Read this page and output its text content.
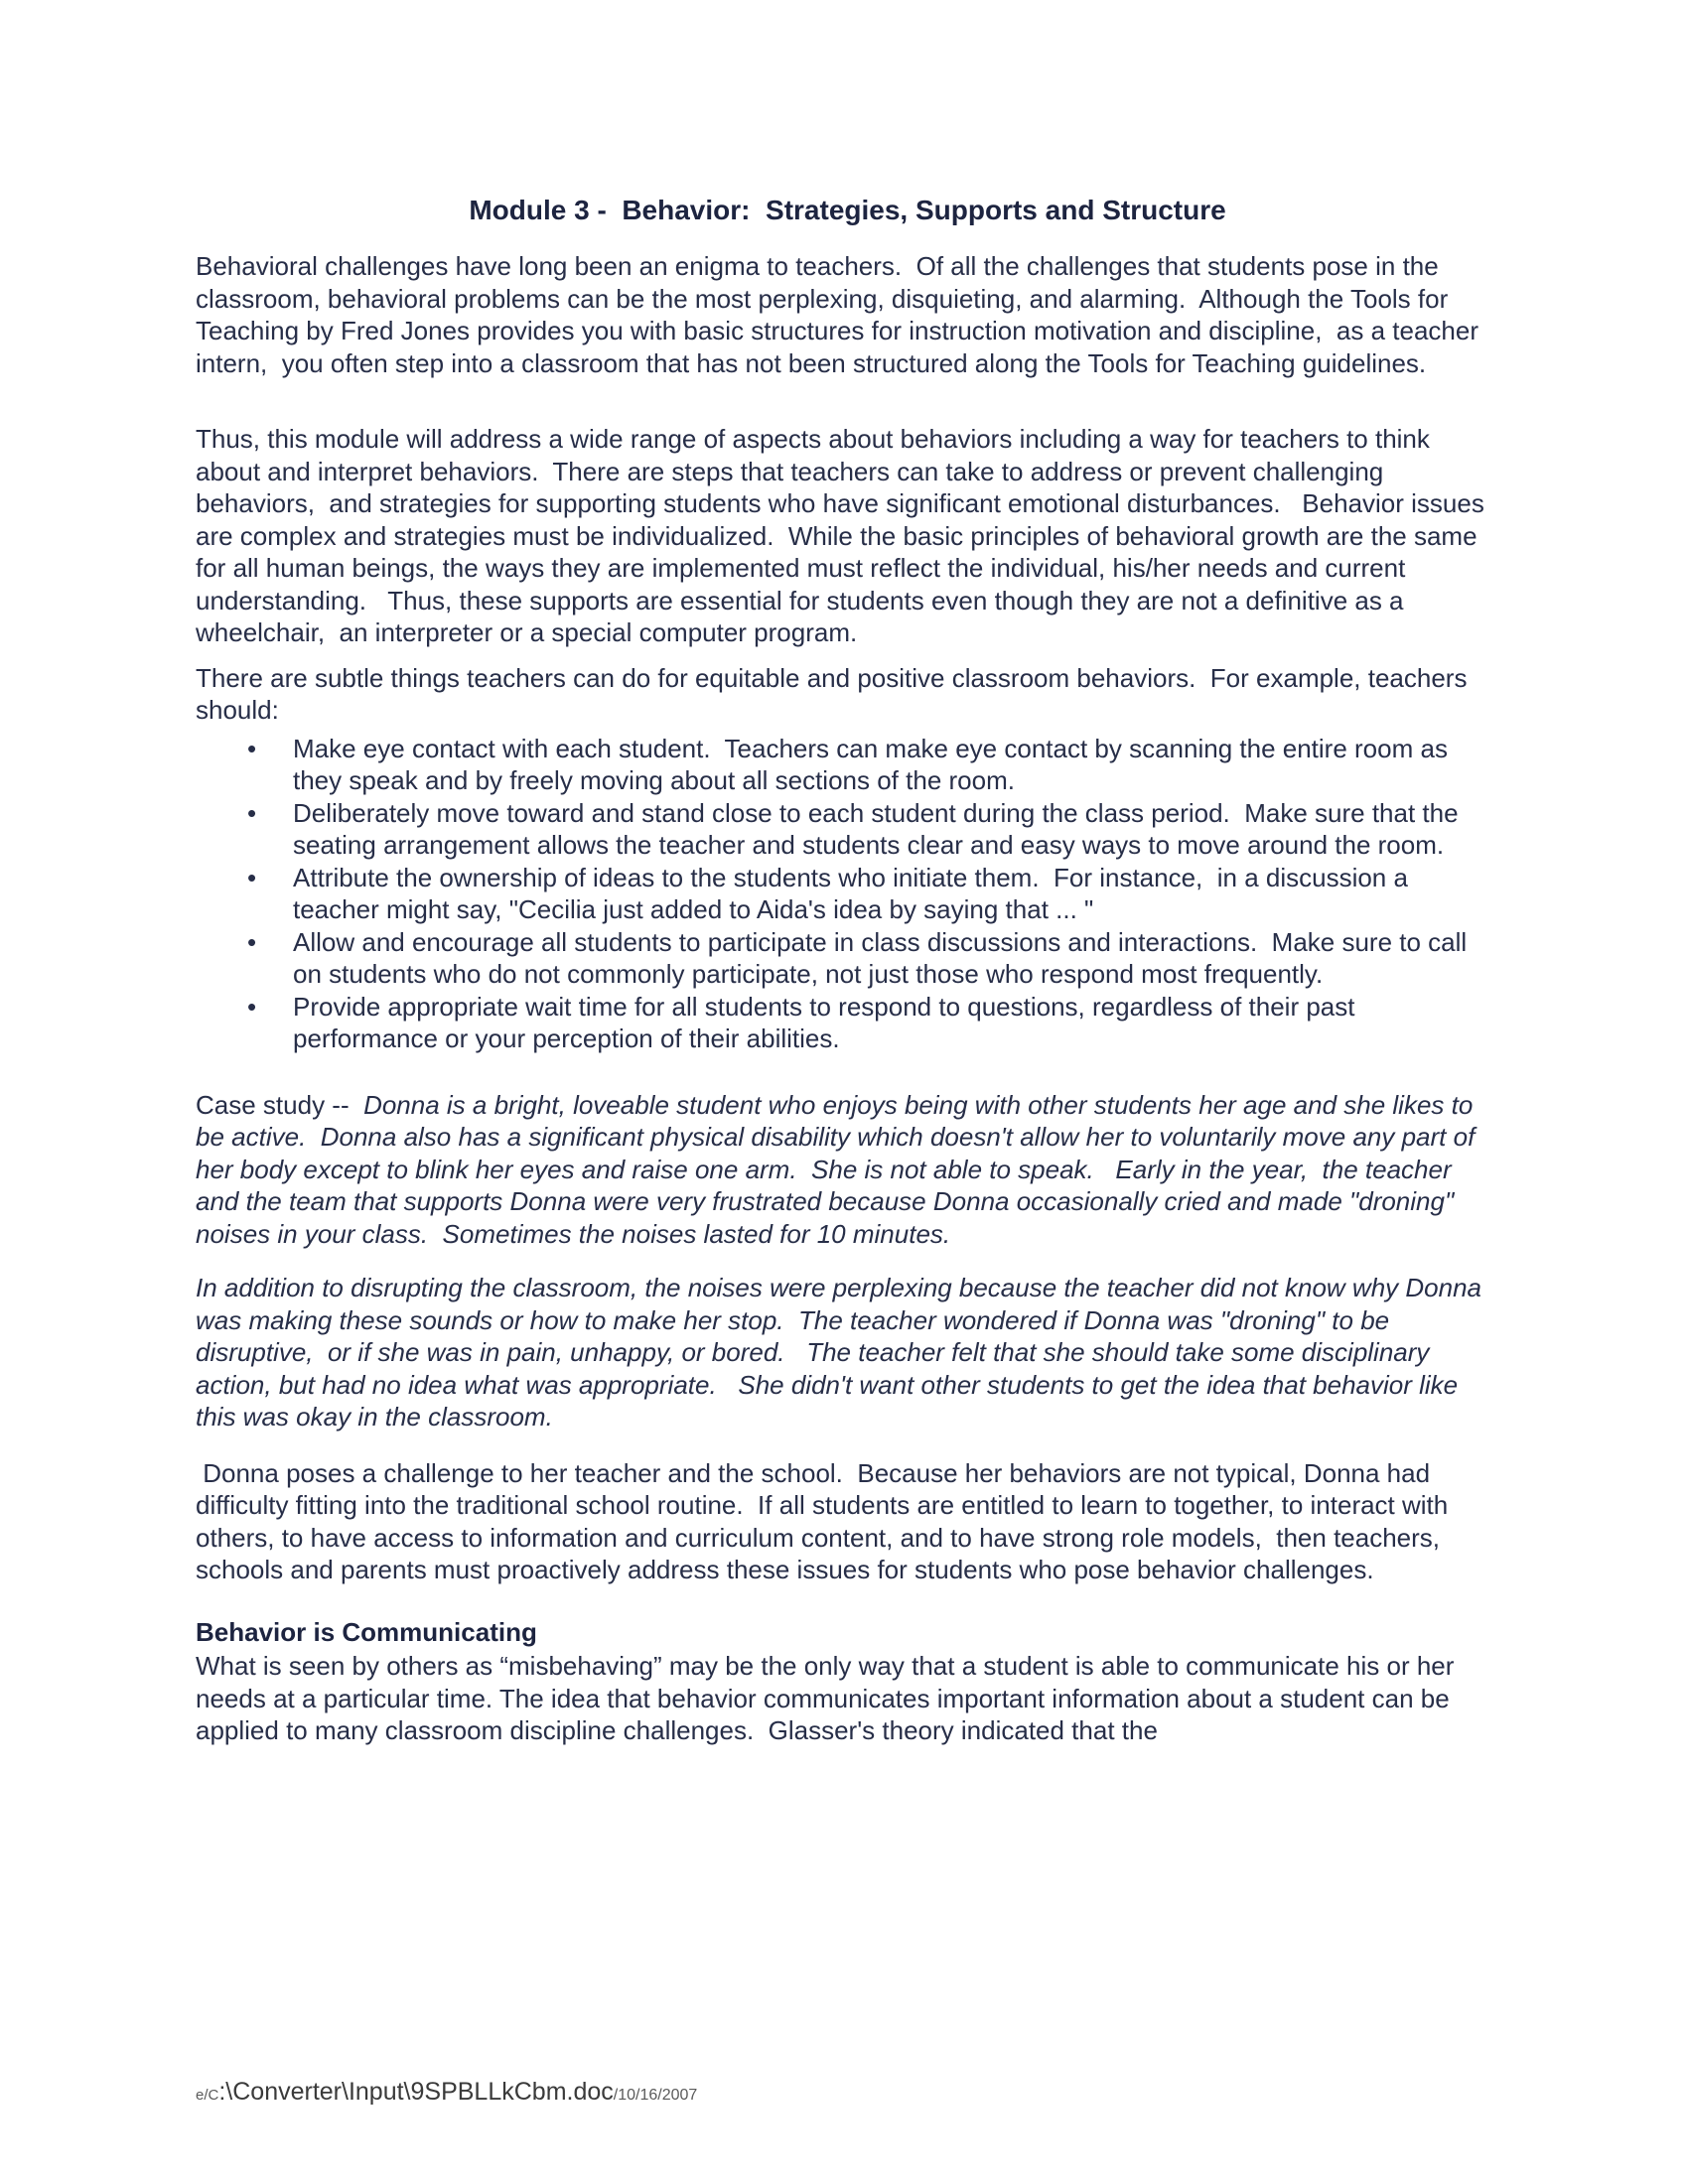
Module 3 -  Behavior:  Strategies, Supports and Structure

Behavioral challenges have long been an enigma to teachers.  Of all the challenges that students pose in the classroom, behavioral problems can be the most perplexing, disquieting, and alarming.  Although the Tools for Teaching by Fred Jones provides you with basic structures for instruction motivation and discipline,  as a teacher intern,  you often step into a classroom that has not been structured along the Tools for Teaching guidelines.

Thus, this module will address a wide range of aspects about behaviors including a way for teachers to think about and interpret behaviors.  There are steps that teachers can take to address or prevent challenging behaviors,  and strategies for supporting students who have significant emotional disturbances.   Behavior issues are complex and strategies must be individualized.  While the basic principles of behavioral growth are the same for all human beings, the ways they are implemented must reflect the individual, his/her needs and current understanding.   Thus, these supports are essential for students even though they are not a definitive as a wheelchair,  an interpreter or a special computer program.

There are subtle things teachers can do for equitable and positive classroom behaviors.  For example, teachers should:

• Make eye contact with each student.  Teachers can make eye contact by scanning the entire room as they speak and by freely moving about all sections of the room.
• Deliberately move toward and stand close to each student during the class period.  Make sure that the seating arrangement allows the teacher and students clear and easy ways to move around the room.
• Attribute the ownership of ideas to the students who initiate them.  For instance,  in a discussion a teacher might say, "Cecilia just added to Aida's idea by saying that ... "
• Allow and encourage all students to participate in class discussions and interactions.  Make sure to call on students who do not commonly participate, not just those who respond most frequently.
• Provide appropriate wait time for all students to respond to questions, regardless of their past performance or your perception of their abilities.

Case study --  Donna is a bright, loveable student who enjoys being with other students her age and she likes to be active.  Donna also has a significant physical disability which doesn't allow her to voluntarily move any part of her body except to blink her eyes and raise one arm.  She is not able to speak.   Early in the year,  the teacher  and the team that supports Donna were very frustrated because Donna occasionally cried and made "droning" noises in your class.  Sometimes the noises lasted for 10 minutes.

In addition to disrupting the classroom, the noises were perplexing because the teacher did not know why Donna was making these sounds or how to make her stop.  The teacher wondered if Donna was "droning" to be disruptive,  or if she was in pain, unhappy, or bored.   The teacher felt that she should take some disciplinary action, but had no idea what was appropriate.   She didn't want other students to get the idea that behavior like this was okay in the classroom.

Donna poses a challenge to her teacher and the school.  Because her behaviors are not typical, Donna had difficulty fitting into the traditional school routine.  If all students are entitled to learn to together, to interact with others, to have access to information and curriculum content, and to have strong role models,  then teachers, schools and parents must proactively address these issues for students who pose behavior challenges.

Behavior is Communicating

What is seen by others as “misbehaving” may be the only way that a student is able to communicate his or her needs at a particular time. The idea that behavior communicates important information about a student can be applied to many classroom discipline challenges.  Glasser's theory indicated that the

e/C:\Converter\Input\9SPBLLkCbm.doc/10/16/2007
